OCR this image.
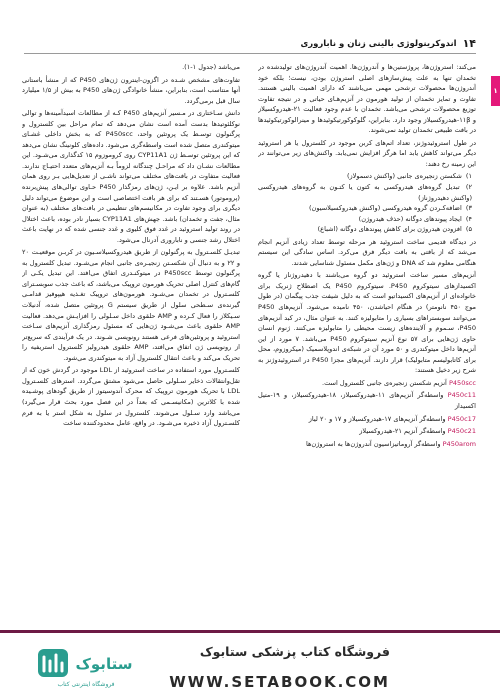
۱۴
اندوکرینولوژی بالینی زنان و ناباروری
۱

می‌کند: استروژن‌ها، پروژستین‌ها و آندروژن‌ها. اهمیت آندروژن‌های تولیدشده در تخمدان تنها به علت پیش‌سازهای اصلی استروژن بودن، نیست؛ بلکه خود آندروژن‌ها محصولات ترشحی مهمی می‌باشند که دارای اهمیت بالینی هستند. تفاوت و تمایز تخمدان از تولید هورمون در آنزیم‌هـای حیاتی و در نتیجه تفاوت توزیع محصولات ترشحی می‌باشد. تخمدان با عدم وجود فعالیت ۲۱-هیدروکسیلاز و ۱۱β-هیدروکسیلاز وجود دارد. بنابراین، گلوکوکورتیکوئیدها و مینرالوکورتیکوئیدها در بافت طبیعی تخمدان تولید نمی‌شوند.

در طول استروئیدوژنز، تعداد اتم‌های کربن موجود در کلسترول یا هر استروئید دیگر می‌تواند کاهش یابد اما هرگز افزایش نمی‌یابد. واکنش‌های زیر می‌توانند در این زمینه رخ دهند:

۱) شکستن زنجیره‌ی جانبی (واکنش دسمولاز)
۲) تبدیل گروه‌های هیدروکسی به کتون یا کتـون به گروه‌های هیدروکسی (واکنش دهیدروژناز)
۳) اضافه‌کـردن گروه هیدروکسی (واکنش هیدروکسیلاسیون)
۴) ایجاد پیوندهای دوگانه (حذف هیدروژن)
۵) افزودن هیدروژن برای کاهش پیوندهای دوگانه (اشباع)

در دیدگاه قدیمی ساخت استروئید هر مرحله توسط تعداد زیادی آنزیم انجام می‌شد که از بافتی به بافت دیگر فرق می‌کرد. اساس سادگی این سیستم هنگامی معلوم شد که DNA و ژن‌های مکمل مسئول شناسایی شدند.

آنزیم‌های مسیر ساخت استروئید دو گروه می‌باشند با دهیدروژناز یا گروه اکسیدازهای سیتوکروم P450. سیتوکروم P450 یک اصطلاح ژنریک برای خانواده‌ای از آنزیم‌های اکسیداتیو است که به دلیل شیفت جذب پیگمان (در طول موج ۴۵۰ نانومتر) در هنگام احیاشدن، ۴۵۰ نامیده می‌شود. آنزیم‌های P450 می‌توانند سوبستراهای بسیاری را متابولیزه کنند. به عنوان مثال، در کبد آنزیم‌های P450، سـموم و آلاینده‌های زیست محیطی را متابولیزه می‌کنند. ژنوم انسان حاوی ژن‌هایی برای ۵۷ نوع آنزیم سیتوکروم P450 می‌باشد. ۷ مورد از این آنزیم‌ها داخل میتوکندری و ۵۰ مورد آن در شبکه‌ی اندوپلاسمیک (میکروزوم، محل برای کاتابولیسم متابولیک) قرار دارند. آنزیم‌های مجزا P450 در استروئیدوژنز به شرح زیر دخیل هستند:

P450scc آنزیم شکستن زنجیره‌ی جانبی کلسترول است.

P450c11 واسطه‌گر آنزیم‌های ۱۱-هیدروکسیلاز، ۱۸-هیدروکسیلاز، و ۱۹-متیل اکسیداز

P450c17 واسطه‌گر آنزیم‌های ۱۷-هیدروکسیلاز و ۱۷ و ۲۰ لیاز

P450c21 واسطه‌گر آنزیم ۲۱-هیدروکسیلاز

P450arom واسطه‌گر آروماتیزاسیون آندروژن‌ها به استروژن‌ها

می‌باشد (جدول ۱-۱).

تفاوت‌های مشخص شـده در اگزون-اینترون ژن‌های P450 که از منشأ باستانی آنها منتاسب است، بنابراین، منشأ خانوادگی ژن‌های P450 به بیش از ۱/۵ میلیارد سال قبل برمی‌گردد.

دانش سـاختاری در مـسیر آنزیم‌های P450 کـه از مطالعات اسیدآمینه‌ها و توالی نوکلئوتیدها بدست آمده است نشان می‌دهد که تمام مراحل بین کلسترول و پرگنولون توسـط یک پروتئین واحد، P450scc که به بخش داخلی غشـای میتوکندری متصل شده است واسطه‌گری می‌شود. داده‌های کلونینگ نشان می‌دهد که این پروتئین توسـط ژن CYP11A1 روی کروموزوم ۱۵ کدگذاری می‌شـود. این مطالعات نشـان داد که مراحـل چندگانه لزوماً بـه آنزیم‌های متعدد احتیـاج ندارند. فعالیت متفاوت در بافت‌های مختلف می‌تواند ناشـی از تعدیل‌هایی بـر روی همان آنزیم باشد. علاوه بر ایـن، ژن‌های رمزگذار P450 حـاوی توالی‌های پیش‌برنده (پروموتور) هسـتند که برای هر بافت اختصاصی است و این موضوع می‌تواند دلیل دیگری برای وجود تفاوت در مکانیسم‌های تنظیمی در بافت‌های مختلف (به عنوان مثال، جفت و تخمدان) باشد. جهش‌های CYP11A1 بسیار نادر بوده، باعث اختلال در روند تولید استروئید در غدد فوق کلیوی و غدد جنسی شده که در نهایت باعث اختلال رشد جنسی و ناباروری آدرنال می‌شود.

تبدیـل کلسـترول به پرگنولون از طریق هیدروکسیلاسـیون در کربـن موقعیـت ۲۰ و ۲۲ و به دنبال آن شکسـتن زنجیـره‌ی جانبی انجام می‌شـود. تبدیل کلسترول به پرگنولون توسط P450scc در میتوکنـدری اتفاق می‌افتد. این تبدیل یکـی از گام‌های کنترل اصلی تحریک هورمون تروپیک می‌باشد، که باعث جذب سوبسـترای کلسـترول در تخمدان می‌شـود. هورمون‌های تروپیک تغـذیه هیپوفیز قدامـی گیرنده‌ی سـطحی سلول از طریق سیستم G پروتئین متصل شده، آدنیلات سـیکلاز را فعال کـرده و AMP حلقوی داخل سـلولی را افزایـش می‌دهد. فعالیت AMP حلقوی باعث می‌شـود ژن‌هایی که مسئول رمزگذاری آنزیم‌های سـاخت استروئید و پروتئین‌های فرعی هستند رونویسی شـوند. در یک فرآیندی که سریع‌تر از رونویسی ژن اتفاق می‌افتد، AMP حلقوی هیدرولیز کلسترول استریفیه را تحریک می‌کند و باعث انتقال کلسترول آزاد به میتوکندری می‌شود.

کلسـترول مورد استفاده در ساخت استروئید از LDL موجود در گردش خون که از تقل‌وانتقالات ذخایر سـلولی حاصل می‌شود مشتق می‌گردد. استرهای کلسـترول LDL با تحریک هورمون تروپیک که محرک آندوسیتوز از طریق گودهای پوشـیده شده با کلاترین (مکانیسـمی که بعداً در این فصل مورد بحث قرار می‌گیرد) می‌باشد وارد سـلول می‌شوند. کلسترول در سلول به شکل استر یا به فرم کلسـترول آزاد ذخیره می‌شـود. در واقع، عامل محدودکننده ساخت

ستابوک
فروشگاه اینترنتی کتاب
فروشگاه کتاب پزشکی ستابوک
WWW.SETABOOK.COM
